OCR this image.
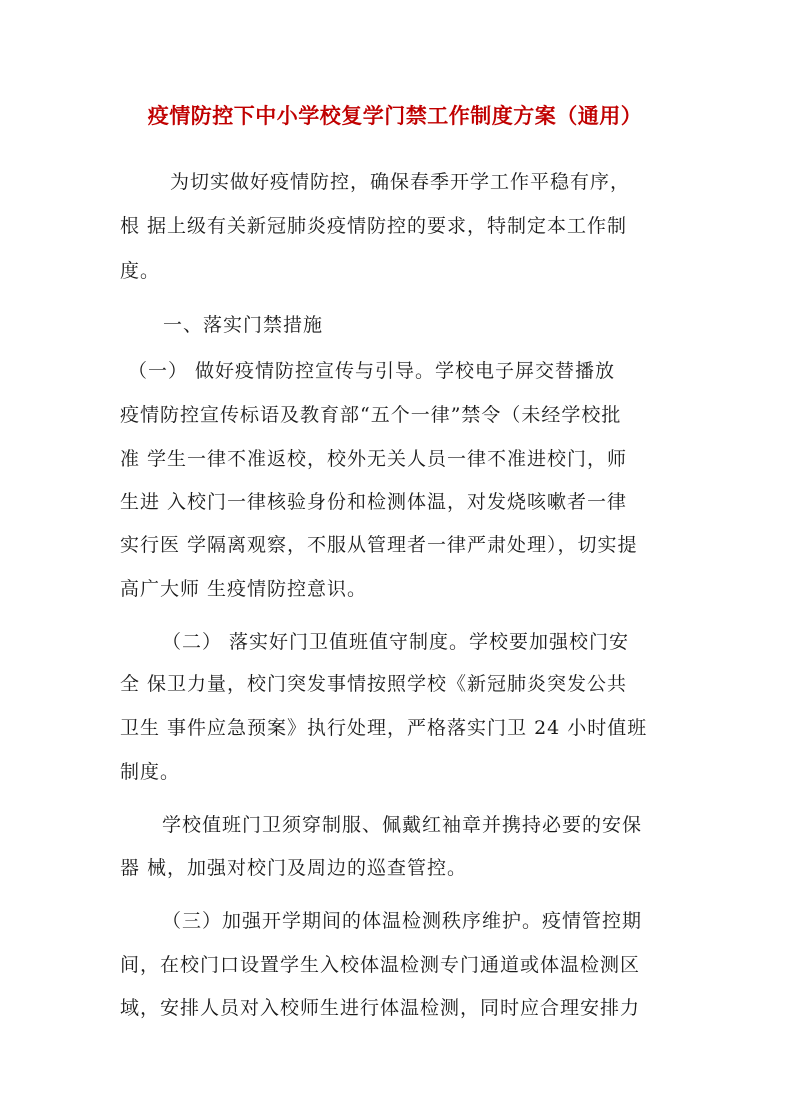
疫情防控下中小学校复学门禁工作制度方案（通用）
为切实做好疫情防控，确保春季开学工作平稳有序，
根 据上级有关新冠肺炎疫情防控的要求，特制定本工作制
度。
一、落实门禁措施
（一） 做好疫情防控宣传与引导。学校电子屏交替播放
疫情防控宣传标语及教育部“五个一律”禁令（未经学校批
准 学生一律不准返校，校外无关人员一律不准进校门，师
生进 入校门一律核验身份和检测体温，对发烧咳嗽者一律
实行医 学隔离观察，不服从管理者一律严肃处理），切实提
高广大师 生疫情防控意识。
（二） 落实好门卫值班值守制度。学校要加强校门安
全 保卫力量，校门突发事情按照学校《新冠肺炎突发公共
卫生 事件应急预案》执行处理，严格落实门卫 24 小时值班
制度。
学校值班门卫须穿制服、佩戴红袖章并携持必要的安保
器 械，加强对校门及周边的巡查管控。
（三）加强开学期间的体温检测秩序维护。疫情管控期
间，在校门口设置学生入校体温检测专门通道或体温检测区
域，安排人员对入校师生进行体温检测，同时应合理安排力
